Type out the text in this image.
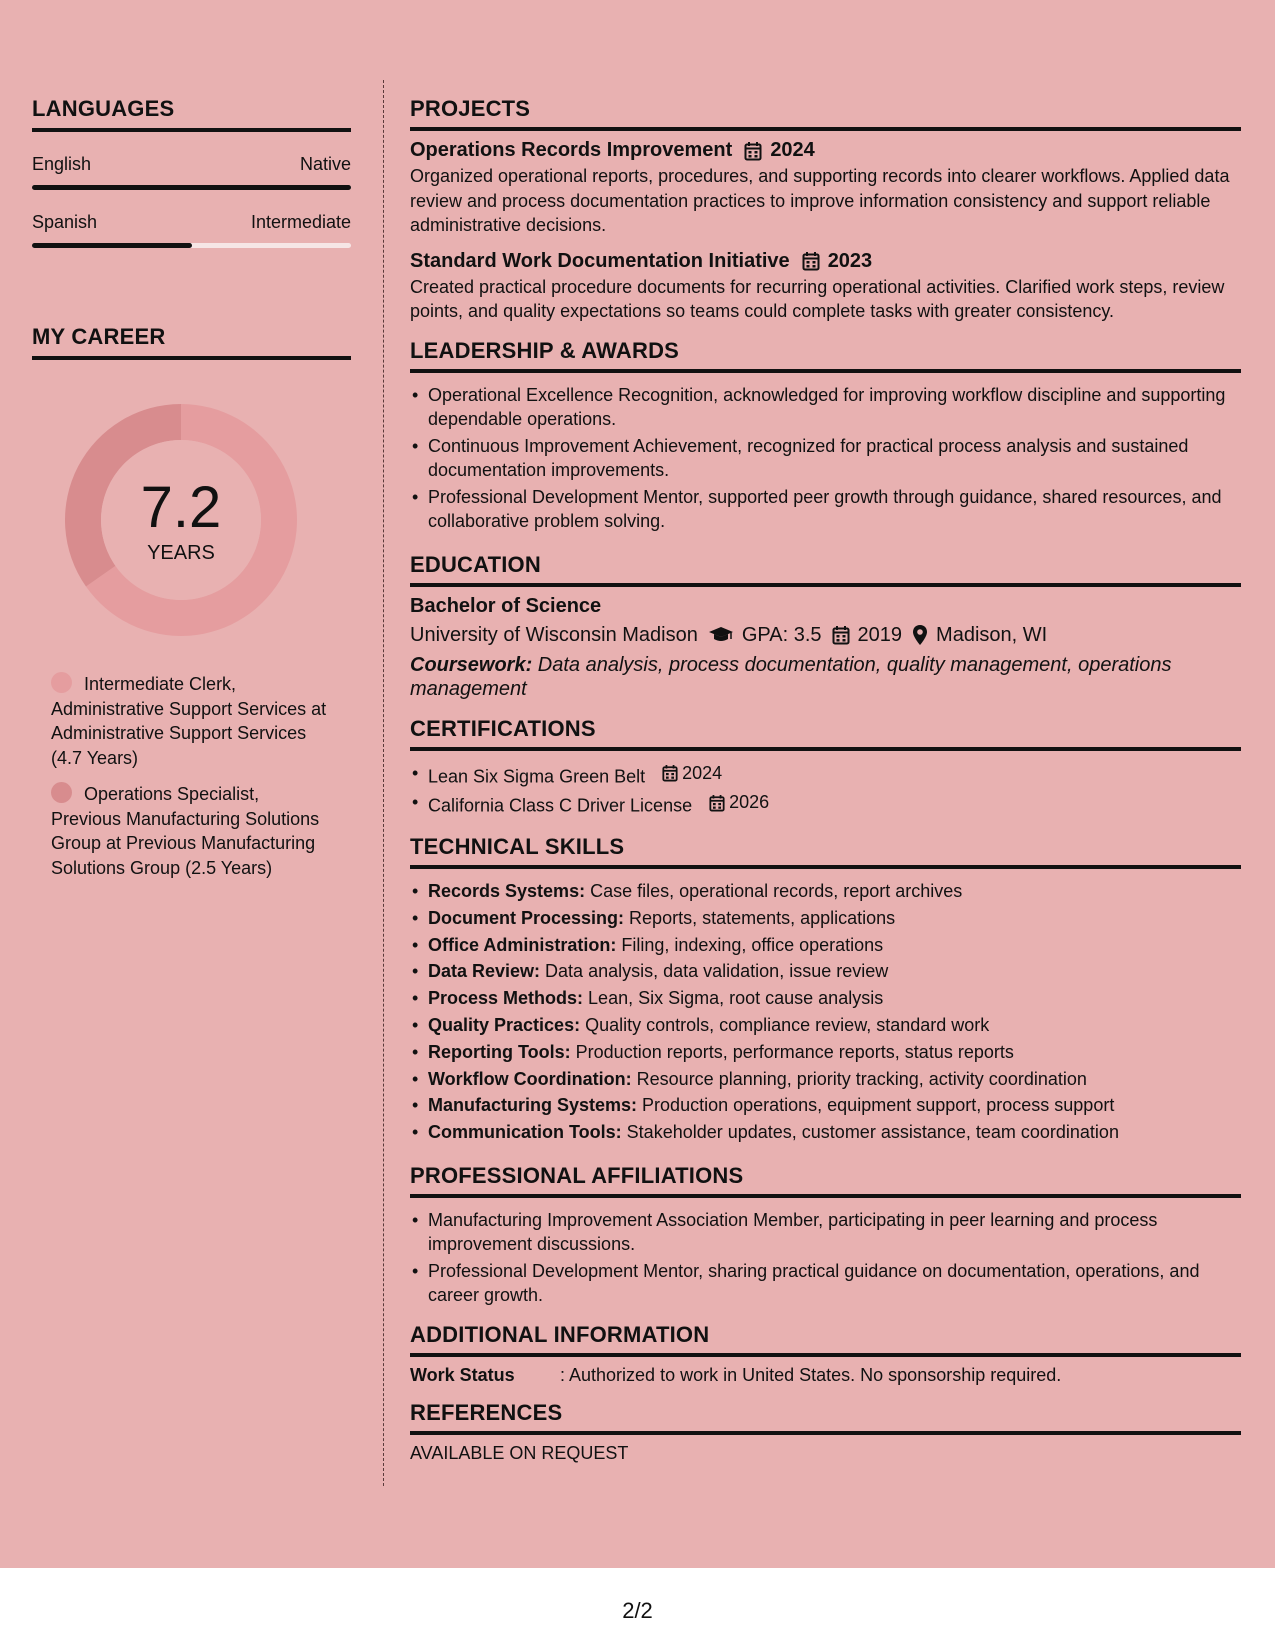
LANGUAGES
English	Native
Spanish	Intermediate
MY CAREER
7.2
YEARS
Intermediate Clerk, Administrative Support Services at Administrative Support Services (4.7 Years)
Operations Specialist, Previous Manufacturing Solutions Group at Previous Manufacturing Solutions Group (2.5 Years)
PROJECTS
Operations Records Improvement 2024
Organized operational reports, procedures, and supporting records into clearer workflows. Applied data review and process documentation practices to improve information consistency and support reliable administrative decisions.
Standard Work Documentation Initiative 2023
Created practical procedure documents for recurring operational activities. Clarified work steps, review points, and quality expectations so teams could complete tasks with greater consistency.
LEADERSHIP & AWARDS
• Operational Excellence Recognition, acknowledged for improving workflow discipline and supporting dependable operations.
• Continuous Improvement Achievement, recognized for practical process analysis and sustained documentation improvements.
• Professional Development Mentor, supported peer growth through guidance, shared resources, and collaborative problem solving.
EDUCATION
Bachelor of Science
University of Wisconsin Madison GPA: 3.5 2019 Madison, WI
Coursework: Data analysis, process documentation, quality management, operations management
CERTIFICATIONS
• Lean Six Sigma Green Belt 2024
• California Class C Driver License 2026
TECHNICAL SKILLS
• Records Systems: Case files, operational records, report archives
• Document Processing: Reports, statements, applications
• Office Administration: Filing, indexing, office operations
• Data Review: Data analysis, data validation, issue review
• Process Methods: Lean, Six Sigma, root cause analysis
• Quality Practices: Quality controls, compliance review, standard work
• Reporting Tools: Production reports, performance reports, status reports
• Workflow Coordination: Resource planning, priority tracking, activity coordination
• Manufacturing Systems: Production operations, equipment support, process support
• Communication Tools: Stakeholder updates, customer assistance, team coordination
PROFESSIONAL AFFILIATIONS
• Manufacturing Improvement Association Member, participating in peer learning and process improvement discussions.
• Professional Development Mentor, sharing practical guidance on documentation, operations, and career growth.
ADDITIONAL INFORMATION
Work Status	: Authorized to work in United States. No sponsorship required.
REFERENCES
AVAILABLE ON REQUEST
2/2
